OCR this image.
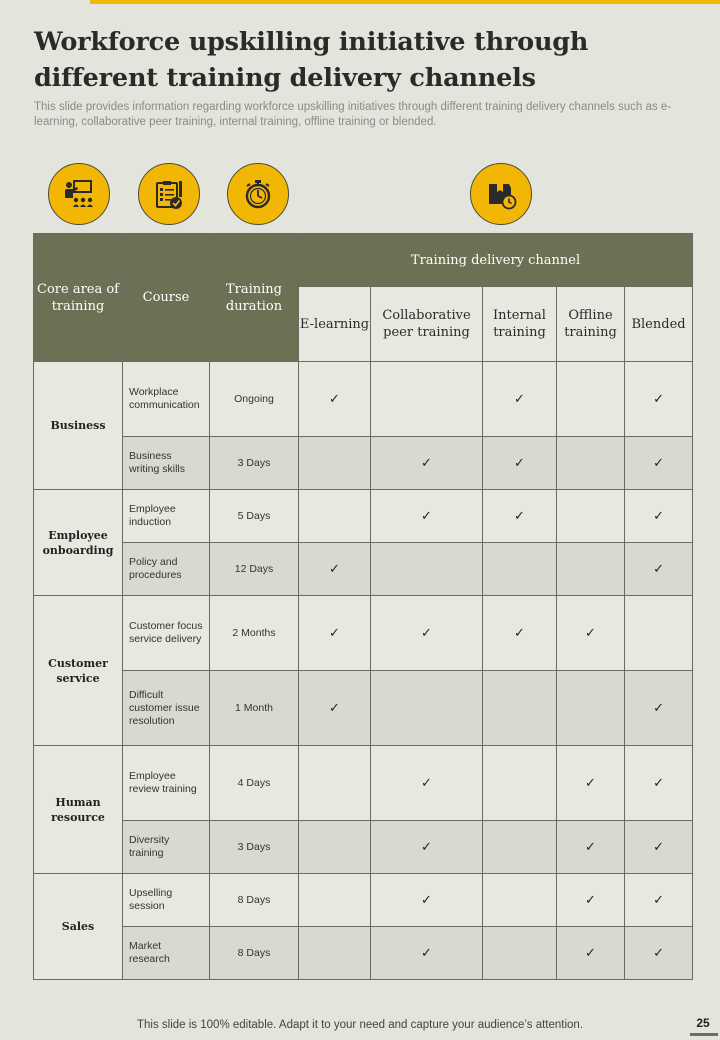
Workforce upskilling initiative through different training delivery channels

This slide provides information regarding workforce upskilling initiatives through different training delivery channels such as e- learning, collaborative peer training, internal training, offline training or blended.

Core area of training	Course	Training duration	Training delivery channel				
			E-learning	Collaborative peer training	Internal training	Offline training	Blended
Business	Workplace communication	Ongoing	✓		✓		✓
	Business writing skills	3 Days		✓	✓		✓
Employee onboarding	Employee induction	5 Days		✓	✓		✓
	Policy and procedures	12 Days	✓				✓
Customer service	Customer focus service delivery	2 Months	✓	✓	✓	✓	
	Difficult customer issue resolution	1 Month	✓				✓
Human resource	Employee review training	4 Days		✓		✓	✓
	Diversity training	3 Days		✓		✓	✓
Sales	Upselling session	8 Days		✓		✓	✓
	Market research	8 Days		✓		✓	✓
This slide is 100% editable. Adapt it to your need and capture your audience’s attention.	25
